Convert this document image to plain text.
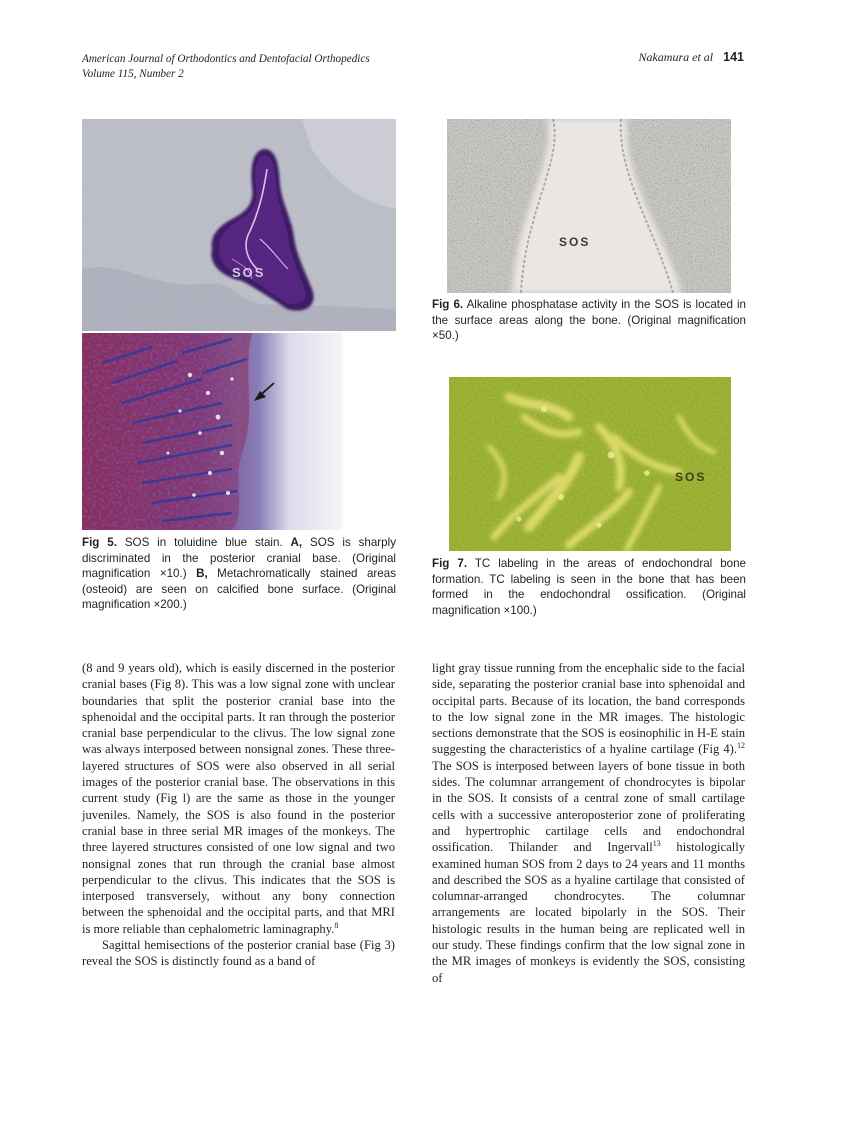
American Journal of Orthodontics and Dentofacial Orthopedics
Volume 115, Number 2
Nakamura et al 141
SOS
Fig 5. SOS in toluidine blue stain. A, SOS is sharply discriminated in the posterior cranial base. (Original magnification ×10.) B, Metachromatically stained areas (osteoid) are seen on calcified bone surface. (Original magnification ×200.)
SOS
Fig 6. Alkaline phosphatase activity in the SOS is located in the surface areas along the bone. (Original magnification ×50.)
SOS
Fig 7. TC labeling in the areas of endochondral bone formation. TC labeling is seen in the bone that has been formed in the endochondral ossification. (Original magnification ×100.)

(8 and 9 years old), which is easily discerned in the posterior cranial bases (Fig 8). This was a low signal zone with unclear boundaries that split the posterior cranial base into the sphenoidal and the occipital parts. It ran through the posterior cranial base perpendicular to the clivus. The low signal zone was always interposed between nonsignal zones. These three-layered structures of SOS were also observed in all serial images of the posterior cranial base. The observations in this current study (Fig l) are the same as those in the younger juveniles. Namely, the SOS is also found in the posterior cranial base in three serial MR images of the monkeys. The three layered structures consisted of one low signal and two nonsignal zones that run through the cranial base almost perpendicular to the clivus. This indicates that the SOS is interposed transversely, without any bony connection between the sphenoidal and the occipital parts, and that MRI is more reliable than cephalometric laminagraphy.$^8$

Sagittal hemisections of the posterior cranial base (Fig 3) reveal the SOS is distinctly found as a band of

light gray tissue running from the encephalic side to the facial side, separating the posterior cranial base into sphenoidal and occipital parts. Because of its location, the band corresponds to the low signal zone in the MR images. The histologic sections demonstrate that the SOS is eosinophilic in H-E stain suggesting the characteristics of a hyaline cartilage (Fig 4).$^{12}$ The SOS is interposed between layers of bone tissue in both sides. The columnar arrangement of chondrocytes is bipolar in the SOS. It consists of a central zone of small cartilage cells with a successive anteroposterior zone of proliferating and hypertrophic cartilage cells and endochondral ossification. Thilander and Ingervall$^{13}$ histologically examined human SOS from 2 days to 24 years and 11 months and described the SOS as a hyaline cartilage that consisted of columnar-arranged chondrocytes. The columnar arrangements are located bipolarly in the SOS. Their histologic results in the human being are replicated well in our study. These findings confirm that the low signal zone in the MR images of monkeys is evidently the SOS, consisting of
